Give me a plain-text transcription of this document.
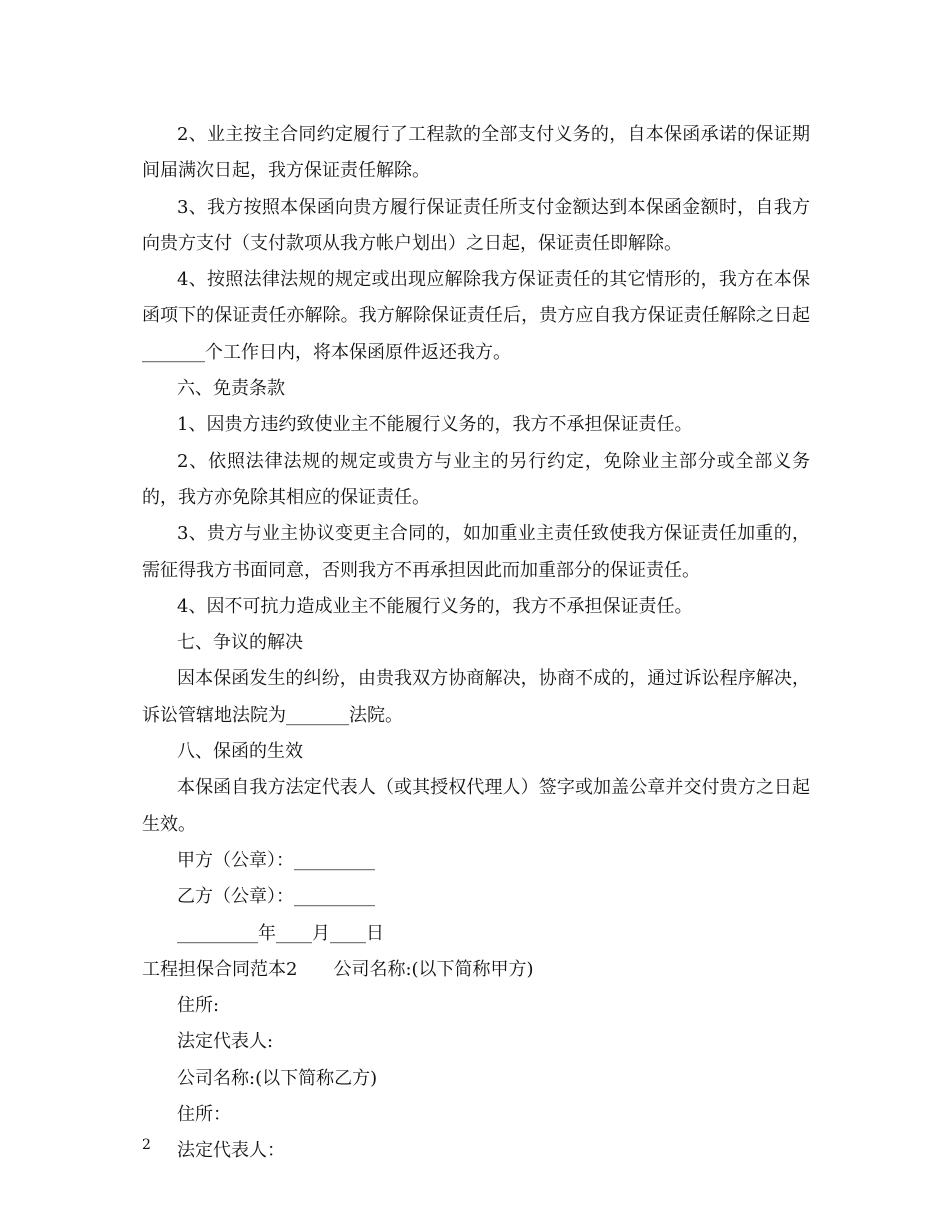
2、业主按主合同约定履行了工程款的全部支付义务的，自本保函承诺的保证期间届满次日起，我方保证责任解除。

3、我方按照本保函向贵方履行保证责任所支付金额达到本保函金额时，自我方向贵方支付（支付款项从我方帐户划出）之日起，保证责任即解除。

4、按照法律法规的规定或出现应解除我方保证责任的其它情形的，我方在本保函项下的保证责任亦解除。我方解除保证责任后，贵方应自我方保证责任解除之日起_______个工作日内，将本保函原件返还我方。

六、免责条款

1、因贵方违约致使业主不能履行义务的，我方不承担保证责任。

2、依照法律法规的规定或贵方与业主的另行约定，免除业主部分或全部义务的，我方亦免除其相应的保证责任。

3、贵方与业主协议变更主合同的，如加重业主责任致使我方保证责任加重的，需征得我方书面同意，否则我方不再承担因此而加重部分的保证责任。

4、因不可抗力造成业主不能履行义务的，我方不承担保证责任。

七、争议的解决

因本保函发生的纠纷，由贵我双方协商解决，协商不成的，通过诉讼程序解决，诉讼管辖地法院为_______法院。

八、保函的生效

本保函自我方法定代表人（或其授权代理人）签字或加盖公章并交付贵方之日起生效。

甲方（公章）：_________

乙方（公章）：_________

_________年____月____日

工程担保合同范本2　　公司名称:(以下简称甲方)

住所:

法定代表人:

公司名称:(以下简称乙方)

住所：

法定代表人：

2
